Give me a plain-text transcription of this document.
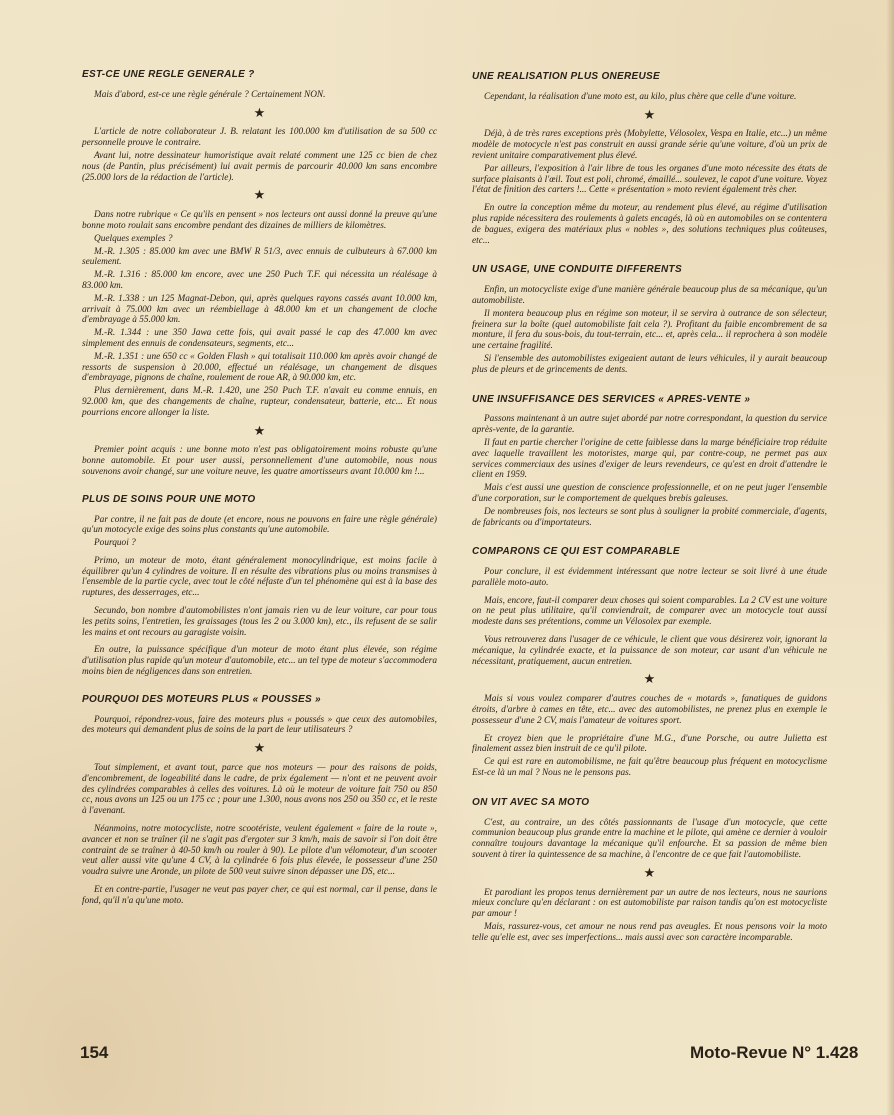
EST-CE UNE REGLE GENERALE ?

Mais d'abord, est-ce une règle générale ? Certainement NON.

★

L'article de notre collaborateur J. B. relatant les 100.000 km d'utilisation de sa 500 cc personnelle prouve le contraire.

Avant lui, notre dessinateur humoristique avait relaté comment une 125 cc bien de chez nous (de Pantin, plus précisément) lui avait permis de parcourir 40.000 km sans encombre (25.000 lors de la rédaction de l'article).

★

Dans notre rubrique « Ce qu'ils en pensent » nos lecteurs ont aussi donné la preuve qu'une bonne moto roulait sans encombre pendant des dizaines de milliers de kilomètres.

Quelques exemples ?

M.-R. 1.305 : 85.000 km avec une BMW R 51/3, avec ennuis de culbuteurs à 67.000 km seulement.

M.-R. 1.316 : 85.000 km encore, avec une 250 Puch T.F. qui nécessita un réalésage à 83.000 km.

M.-R. 1.338 : un 125 Magnat-Debon, qui, après quelques rayons cassés avant 10.000 km, arrivait à 75.000 km avec un réembiellage à 48.000 km et un changement de cloche d'embrayage à 55.000 km.

M.-R. 1.344 : une 350 Jawa cette fois, qui avait passé le cap des 47.000 km avec simplement des ennuis de condensateurs, segments, etc...

M.-R. 1.351 : une 650 cc « Golden Flash » qui totalisait 110.000 km après avoir changé de ressorts de suspension à 20.000, effectué un réalésage, un changement de disques d'embrayage, pignons de chaîne, roulement de roue AR, à 90.000 km, etc.

Plus dernièrement, dans M.-R. 1.420, une 250 Puch T.F. n'avait eu comme ennuis, en 92.000 km, que des changements de chaîne, rupteur, condensateur, batterie, etc... Et nous pourrions encore allonger la liste.

★

Premier point acquis : une bonne moto n'est pas obligatoirement moins robuste qu'une bonne automobile. Et pour user aussi, personnellement d'une automobile, nous nous souvenons avoir changé, sur une voiture neuve, les quatre amortisseurs avant 10.000 km !...

PLUS DE SOINS POUR UNE MOTO

Par contre, il ne fait pas de doute (et encore, nous ne pouvons en faire une règle générale) qu'un motocycle exige des soins plus constants qu'une automobile.

Pourquoi ?

Primo, un moteur de moto, étant généralement monocylindrique, est moins facile à équilibrer qu'un 4 cylindres de voiture. Il en résulte des vibrations plus ou moins transmises à l'ensemble de la partie cycle, avec tout le côté néfaste d'un tel phénomène qui est à la base des ruptures, des desserrages, etc...

Secundo, bon nombre d'automobilistes n'ont jamais rien vu de leur voiture, car pour tous les petits soins, l'entretien, les graissages (tous les 2 ou 3.000 km), etc., ils refusent de se salir les mains et ont recours au garagiste voisin.

En outre, la puissance spécifique d'un moteur de moto étant plus élevée, son régime d'utilisation plus rapide qu'un moteur d'automobile, etc... un tel type de moteur s'accommodera moins bien de négligences dans son entretien.

POURQUOI DES MOTEURS PLUS « POUSSES »

Pourquoi, répondrez-vous, faire des moteurs plus « poussés » que ceux des automobiles, des moteurs qui demandent plus de soins de la part de leur utilisateurs ?

★

Tout simplement, et avant tout, parce que nos moteurs — pour des raisons de poids, d'encombrement, de logeabilité dans le cadre, de prix également — n'ont et ne peuvent avoir des cylindrées comparables à celles des voitures. Là où le moteur de voiture fait 750 ou 850 cc, nous avons un 125 ou un 175 cc ; pour une 1.300, nous avons nos 250 ou 350 cc, et le reste à l'avenant.

Néanmoins, notre motocycliste, notre scootériste, veulent également « faire de la route », avancer et non se traîner (il ne s'agit pas d'ergoter sur 3 km/h, mais de savoir si l'on doit être contraint de se traîner à 40-50 km/h ou rouler à 90). Le pilote d'un vélomoteur, d'un scooter veut aller aussi vite qu'une 4 CV, à la cylindrée 6 fois plus élevée, le possesseur d'une 250 voudra suivre une Aronde, un pilote de 500 veut suivre sinon dépasser une DS, etc...

Et en contre-partie, l'usager ne veut pas payer cher, ce qui est normal, car il pense, dans le fond, qu'il n'a qu'une moto.

UNE REALISATION PLUS ONEREUSE

Cependant, la réalisation d'une moto est, au kilo, plus chère que celle d'une voiture.

★

Déjà, à de très rares exceptions près (Mobylette, Vélosolex, Vespa en Italie, etc...) un même modèle de motocycle n'est pas construit en aussi grande série qu'une voiture, d'où un prix de revient unitaire comparativement plus élevé.

Par ailleurs, l'exposition à l'air libre de tous les organes d'une moto nécessite des états de surface plaisants à l'œil. Tout est poli, chromé, émaillé... soulevez, le capot d'une voiture. Voyez l'état de finition des carters !... Cette « présentation » moto revient également très cher.

En outre la conception même du moteur, au rendement plus élevé, au régime d'utilisation plus rapide nécessitera des roulements à galets encagés, là où en automobiles on se contentera de bagues, exigera des matériaux plus « nobles », des solutions techniques plus coûteuses, etc...

UN USAGE, UNE CONDUITE DIFFERENTS

Enfin, un motocycliste exige d'une manière générale beaucoup plus de sa mécanique, qu'un automobiliste.

Il montera beaucoup plus en régime son moteur, il se servira à outrance de son sélecteur, freinera sur la boîte (quel automobiliste fait cela ?). Profitant du faible encombrement de sa monture, il fera du sous-bois, du tout-terrain, etc... et, après cela... il reprochera à son modèle une certaine fragilité.

Si l'ensemble des automobilistes exigeaient autant de leurs véhicules, il y aurait beaucoup plus de pleurs et de grincements de dents.

UNE INSUFFISANCE DES SERVICES « APRES-VENTE »

Passons maintenant à un autre sujet abordé par notre correspondant, la question du service après-vente, de la garantie.

Il faut en partie chercher l'origine de cette faiblesse dans la marge bénéficiaire trop réduite avec laquelle travaillent les motoristes, marge qui, par contre-coup, ne permet pas aux services commerciaux des usines d'exiger de leurs revendeurs, ce qu'est en droit d'attendre le client en 1959.

Mais c'est aussi une question de conscience professionnelle, et on ne peut juger l'ensemble d'une corporation, sur le comportement de quelques brebis galeuses.

De nombreuses fois, nos lecteurs se sont plus à souligner la probité commerciale, d'agents, de fabricants ou d'importateurs.

COMPARONS CE QUI EST COMPARABLE

Pour conclure, il est évidemment intéressant que notre lecteur se soit livré à une étude parallèle moto-auto.

Mais, encore, faut-il comparer deux choses qui soient comparables. La 2 CV est une voiture on ne peut plus utilitaire, qu'il conviendrait, de comparer avec un motocycle tout aussi modeste dans ses prétentions, comme un Vélosolex par exemple.

Vous retrouverez dans l'usager de ce véhicule, le client que vous désirerez voir, ignorant la mécanique, la cylindrée exacte, et la puissance de son moteur, car usant d'un véhicule ne nécessitant, pratiquement, aucun entretien.

★

Mais si vous voulez comparer d'autres couches de « motards », fanatiques de guidons étroits, d'arbre à cames en tête, etc... avec des automobilistes, ne prenez plus en exemple le possesseur d'une 2 CV, mais l'amateur de voitures sport.

Et croyez bien que le propriétaire d'une M.G., d'une Porsche, ou autre Julietta est finalement assez bien instruit de ce qu'il pilote.

Ce qui est rare en automobilisme, ne fait qu'être beaucoup plus fréquent en motocyclisme Est-ce là un mal ? Nous ne le pensons pas.

ON VIT AVEC SA MOTO

C'est, au contraire, un des côtés passionnants de l'usage d'un motocycle, que cette communion beaucoup plus grande entre la machine et le pilote, qui amène ce dernier à vouloir connaître toujours davantage la mécanique qu'il enfourche. Et sa passion de même bien souvent à tirer la quintessence de sa machine, à l'encontre de ce que fait l'automobiliste.

★

Et parodiant les propos tenus dernièrement par un autre de nos lecteurs, nous ne saurions mieux conclure qu'en déclarant : on est automobiliste par raison tandis qu'on est motocycliste par amour !

Mais, rassurez-vous, cet amour ne nous rend pas aveugles. Et nous pensons voir la moto telle qu'elle est, avec ses imperfections... mais aussi avec son caractère incomparable.

154	Moto-Revue N° 1.428
